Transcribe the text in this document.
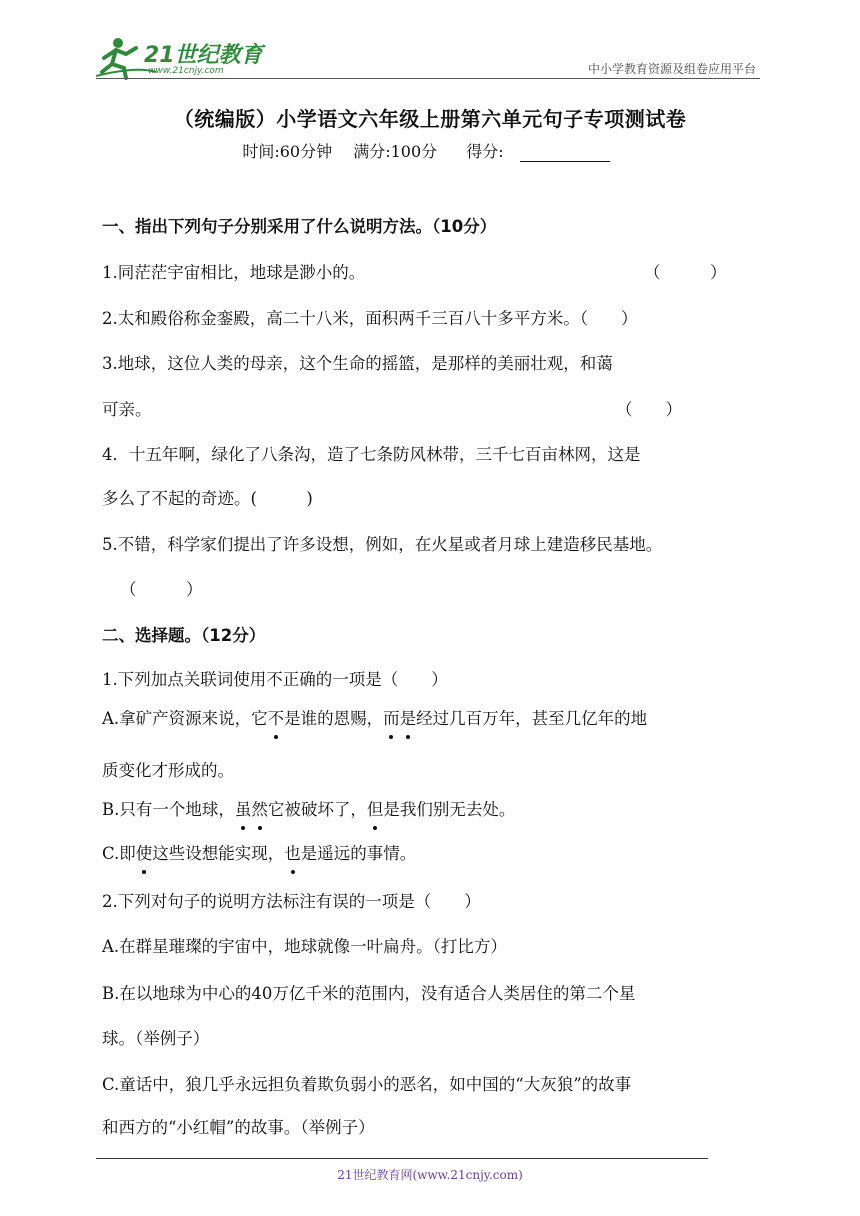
21世纪教育
www.21cnjy.com	中小学教育资源及组卷应用平台
（统编版）小学语文六年级上册第六单元句子专项测试卷
时间:60分钟 满分:100分 得分:
一、指出下列句子分别采用了什么说明方法。（10分）
1.同茫茫宇宙相比，地球是渺小的。	（　　　）
2.太和殿俗称金銮殿，高二十八米，面积两千三百八十多平方米。（　　）
3.地球，这位人类的母亲，这个生命的摇篮，是那样的美丽壮观，和蔼
可亲。	（　　）
4．十五年啊，绿化了八条沟，造了七条防风林带，三千七百亩林网，这是
多么了不起的奇迹。(　　　)
5.不错，科学家们提出了许多设想，例如，在火星或者月球上建造移民基地。
（　　　）
二、选择题。（12分）
1.下列加点关联词使用不正确的一项是（　　）
A.拿矿产资源来说，它不是谁的恩赐，而是经过几百万年，甚至几亿年的地
质变化才形成的。
B.只有一个地球，虽然它被破坏了，但是我们别无去处。
C.即使这些设想能实现，也是遥远的事情。
2.下列对句子的说明方法标注有误的一项是（　　）
A.在群星璀璨的宇宙中，地球就像一叶扁舟。（打比方）
B.在以地球为中心的40万亿千米的范围内，没有适合人类居住的第二个星
球。（举例子）
C.童话中，狼几乎永远担负着欺负弱小的恶名，如中国的“大灰狼”的故事
和西方的“小红帽”的故事。（举例子）
21世纪教育网(www.21cnjy.com)
